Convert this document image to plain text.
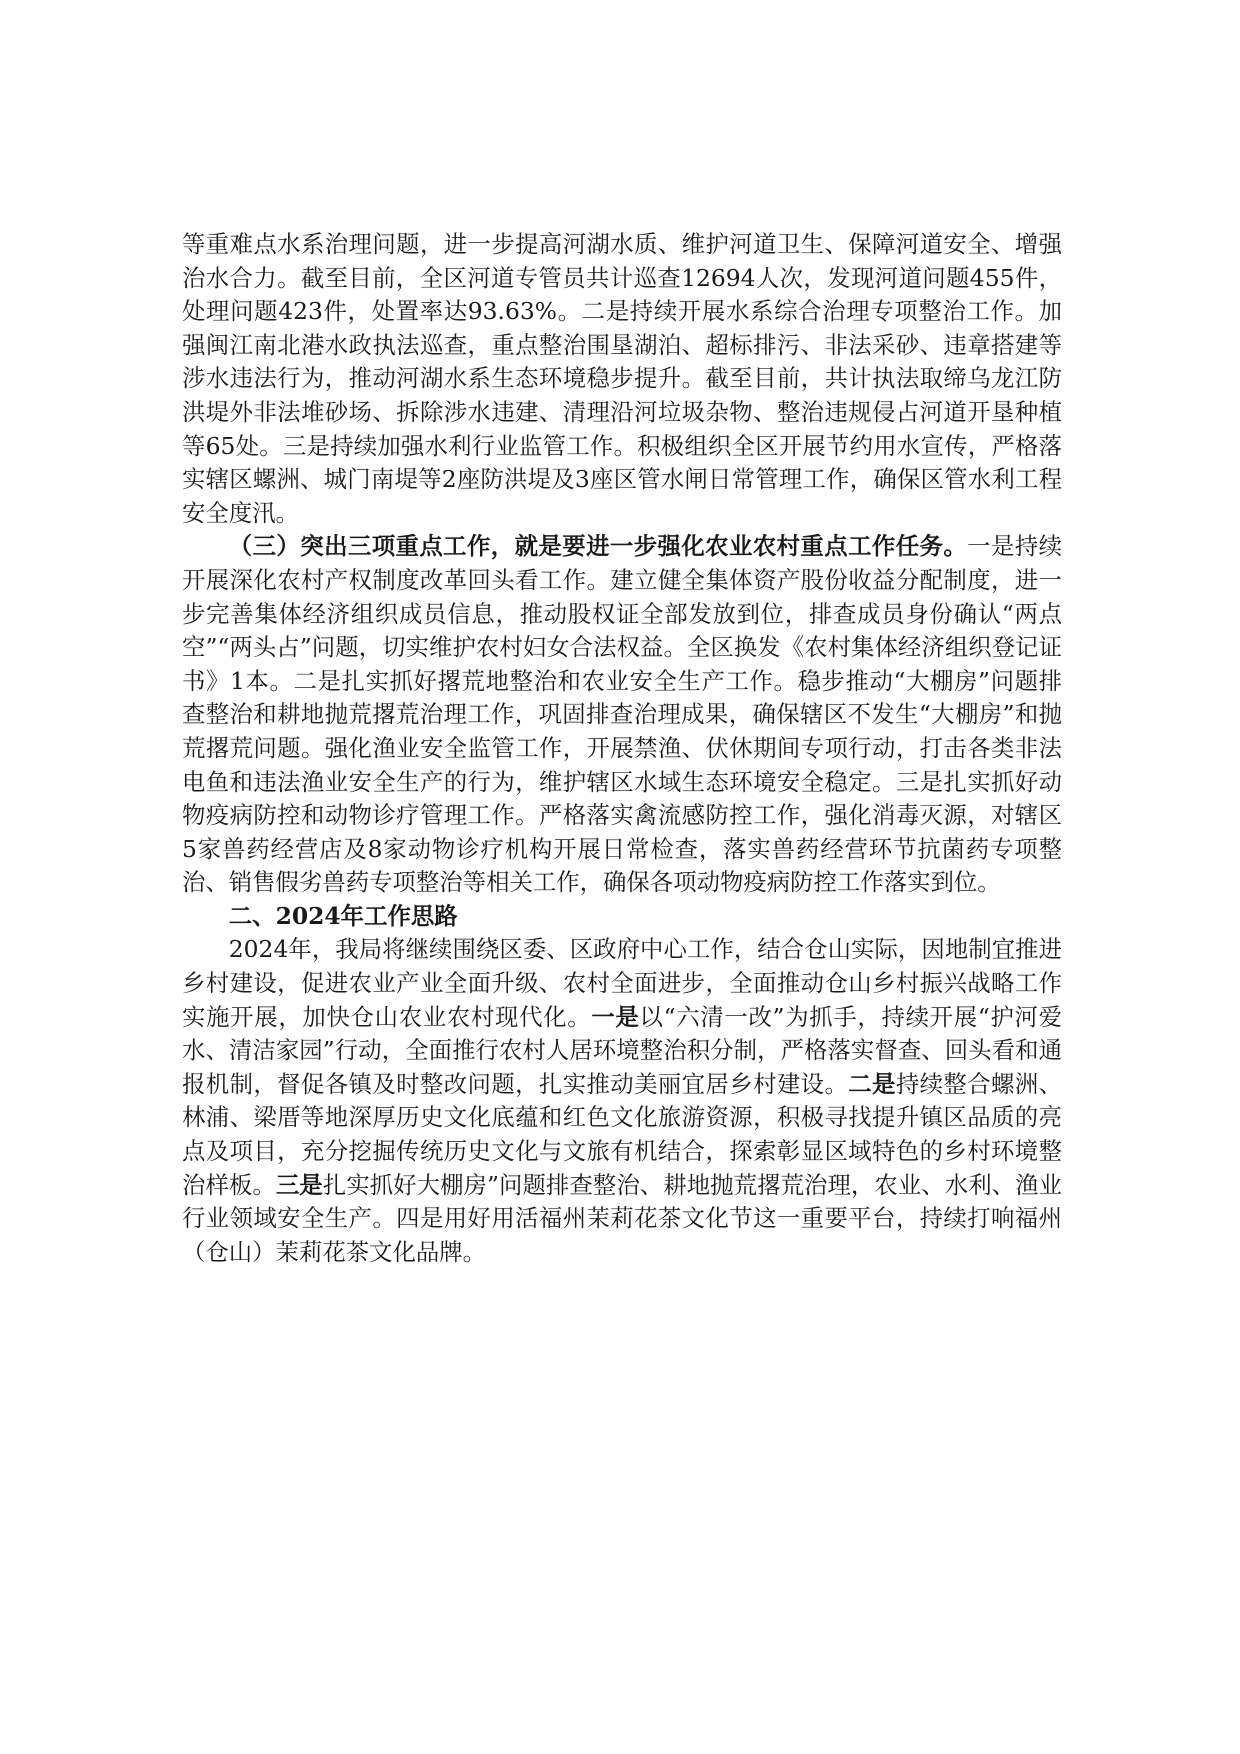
等重难点水系治理问题，进一步提高河湖水质、维护河道卫生、保障河道安全、增强治水合力。截至目前，全区河道专管员共计巡查12694人次，发现河道问题455件，处理问题423件，处置率达93.63%。二是持续开展水系综合治理专项整治工作。加强闽江南北港水政执法巡查，重点整治围垦湖泊、超标排污、非法采砂、违章搭建等涉水违法行为，推动河湖水系生态环境稳步提升。截至目前，共计执法取缔乌龙江防洪堤外非法堆砂场、拆除涉水违建、清理沿河垃圾杂物、整治违规侵占河道开垦种植等65处。三是持续加强水利行业监管工作。积极组织全区开展节约用水宣传，严格落实辖区螺洲、城门南堤等2座防洪堤及3座区管水闸日常管理工作，确保区管水利工程安全度汛。

（三）突出三项重点工作，就是要进一步强化农业农村重点工作任务。一是持续开展深化农村产权制度改革回头看工作。建立健全集体资产股份收益分配制度，进一步完善集体经济组织成员信息，推动股权证全部发放到位，排查成员身份确认“两点空”“两头占”问题，切实维护农村妇女合法权益。全区换发《农村集体经济组织登记证书》1本。二是扎实抓好撂荒地整治和农业安全生产工作。稳步推动“大棚房”问题排查整治和耕地抛荒撂荒治理工作，巩固排查治理成果，确保辖区不发生“大棚房”和抛荒撂荒问题。强化渔业安全监管工作，开展禁渔、伏休期间专项行动，打击各类非法电鱼和违法渔业安全生产的行为，维护辖区水域生态环境安全稳定。三是扎实抓好动物疫病防控和动物诊疗管理工作。严格落实禽流感防控工作，强化消毒灭源，对辖区5家兽药经营店及8家动物诊疗机构开展日常检查，落实兽药经营环节抗菌药专项整治、销售假劣兽药专项整治等相关工作，确保各项动物疫病防控工作落实到位。

二、2024年工作思路

2024年，我局将继续围绕区委、区政府中心工作，结合仓山实际，因地制宜推进乡村建设，促进农业产业全面升级、农村全面进步，全面推动仓山乡村振兴战略工作实施开展，加快仓山农业农村现代化。一是以“六清一改”为抓手，持续开展“护河爱水、清洁家园”行动，全面推行农村人居环境整治积分制，严格落实督查、回头看和通报机制，督促各镇及时整改问题，扎实推动美丽宜居乡村建设。二是持续整合螺洲、林浦、梁厝等地深厚历史文化底蕴和红色文化旅游资源，积极寻找提升镇区品质的亮点及项目，充分挖掘传统历史文化与文旅有机结合，探索彰显区域特色的乡村环境整治样板。三是扎实抓好大棚房”问题排查整治、耕地抛荒撂荒治理，农业、水利、渔业行业领域安全生产。四是用好用活福州茉莉花茶文化节这一重要平台，持续打响福州（仓山）茉莉花茶文化品牌。
